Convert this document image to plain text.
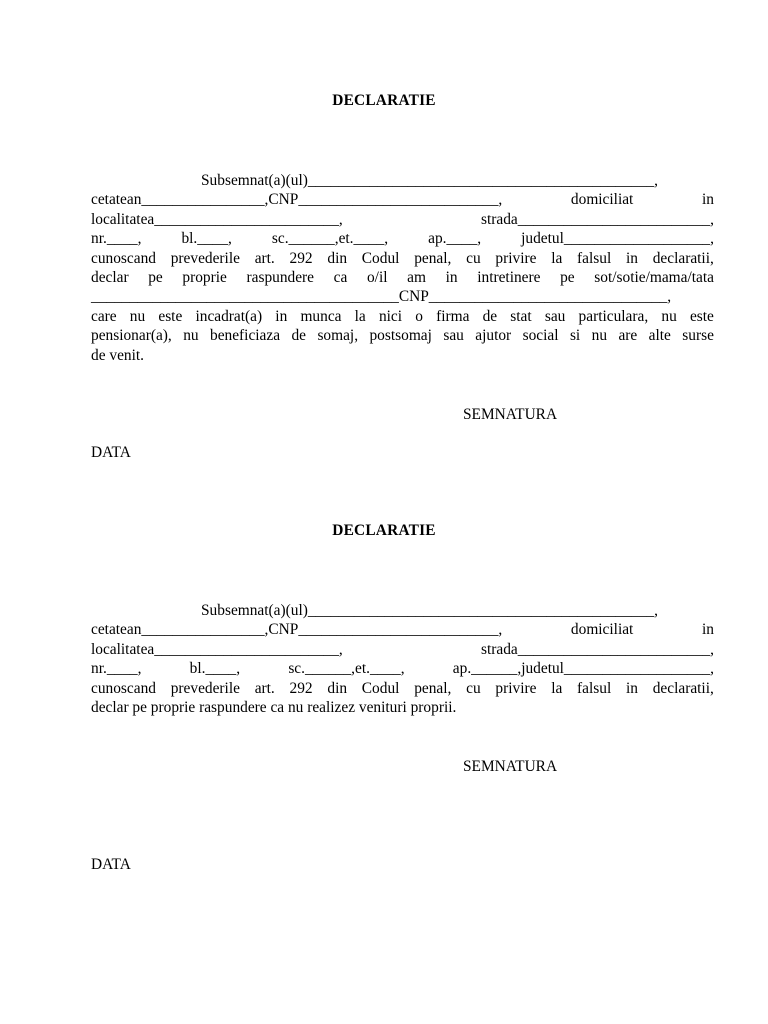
DECLARATIE
Subsemnat(a)(ul)_____________________________________________,
cetatean________________,CNP__________________________,	domiciliat	in
localitatea________________________,	strada_________________________,
nr.____,	bl.____,	sc.______,et.____,	ap.____,	judetul___________________,
cunoscand prevederile art. 292 din Codul penal, cu privire la falsul in declaratii,
declar pe proprie raspundere ca o/il am in intretinere pe sot/sotie/mama/tata
________________________________________CNP_______________________________,
care nu este incadrat(a) in munca la nici o firma de stat sau particulara, nu este
pensionar(a), nu beneficiaza de somaj, postsomaj sau ajutor social si nu are alte surse
de venit.

SEMNATURA

DATA

DECLARATIE
Subsemnat(a)(ul)_____________________________________________,
cetatean________________,CNP__________________________,	domiciliat	in
localitatea________________________,	strada_________________________,
nr.____,	bl.____,	sc.______,et.____,	ap.______,judetul___________________,
cunoscand prevederile art. 292 din Codul penal, cu privire la falsul in declaratii,
declar pe proprie raspundere ca nu realizez venituri proprii.

SEMNATURA

DATA
